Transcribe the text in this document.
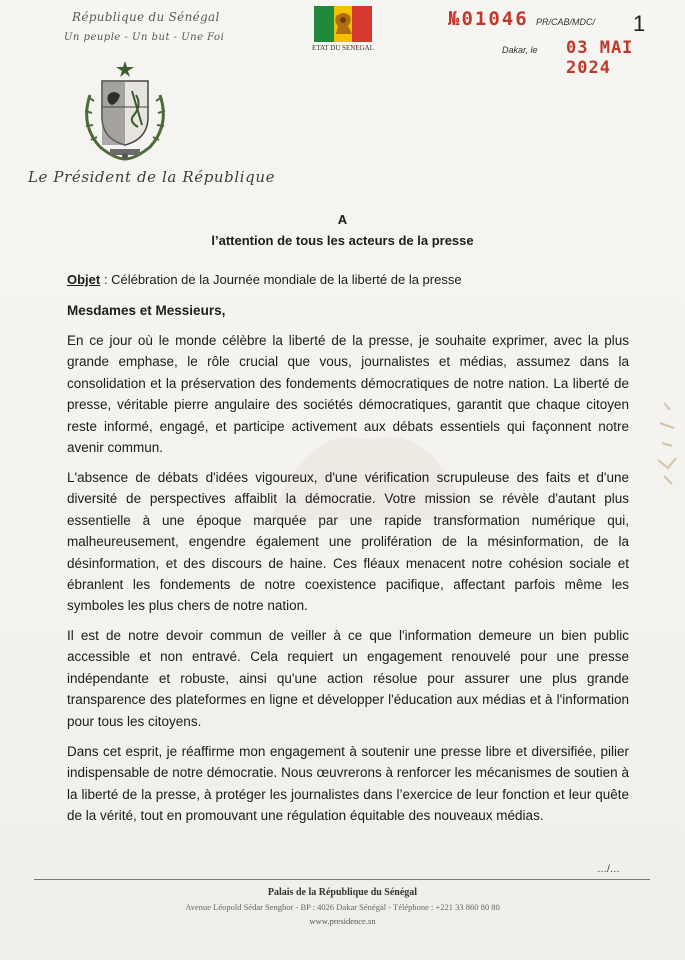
République du Sénégal
Un peuple - Un but - Une Foi
Le Président de la République
ETAT DU SENEGAL
№01046 PR/CAB/MDC/ 1
Dakar, le 03 MAI 2024
A
l’attention de tous les acteurs de la presse
Objet : Célébration de la Journée mondiale de la liberté de la presse
Mesdames et Messieurs,
En ce jour où le monde célèbre la liberté de la presse, je souhaite exprimer, avec la plus grande emphase, le rôle crucial que vous, journalistes et médias, assumez dans la consolidation et la préservation des fondements démocratiques de notre nation. La liberté de presse, véritable pierre angulaire des sociétés démocratiques, garantit que chaque citoyen reste informé, engagé, et participe activement aux débats essentiels qui façonnent notre avenir commun.
L'absence de débats d'idées vigoureux, d'une vérification scrupuleuse des faits et d'une diversité de perspectives affaiblit la démocratie. Votre mission se révèle d'autant plus essentielle à une époque marquée par une rapide transformation numérique qui, malheureusement, engendre également une prolifération de la mésinformation, de la désinformation, et des discours de haine. Ces fléaux menacent notre cohésion sociale et ébranlent les fondements de notre coexistence pacifique, affectant parfois même les symboles les plus chers de notre nation.
Il est de notre devoir commun de veiller à ce que l'information demeure un bien public accessible et non entravé. Cela requiert un engagement renouvelé pour une presse indépendante et robuste, ainsi qu'une action résolue pour assurer une plus grande transparence des plateformes en ligne et développer l'éducation aux médias et à l'information pour tous les citoyens.
Dans cet esprit, je réaffirme mon engagement à soutenir une presse libre et diversifiée, pilier indispensable de notre démocratie. Nous œuvrerons à renforcer les mécanismes de soutien à la liberté de la presse, à protéger les journalistes dans l’exercice de leur fonction et leur quête de la vérité, tout en promouvant une régulation équitable des nouveaux médias.
…/…
Palais de la République du Sénégal
Avenue Léopold Sédar Senghor - BP : 4026 Dakar Sénégal - Téléphone : +221 33 860 80 80
www.presidence.sn
